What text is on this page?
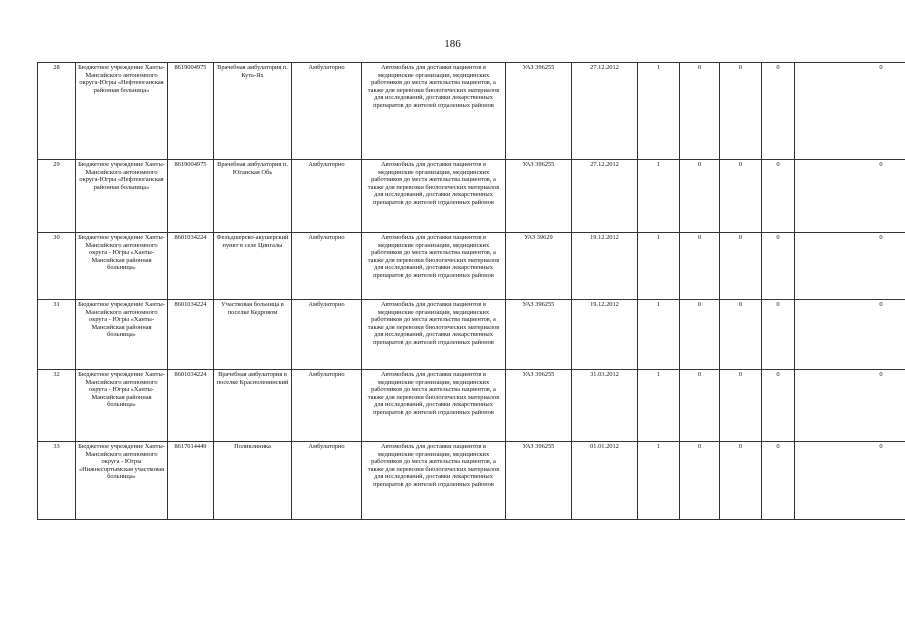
186
28	Бюджетное учреждение Ханты-Мансийского автономного округа-Югры «Нефтеюганская районная больница»	8619004975	Врачебная амбулатория п. Куть-Ях	Амбулаторно	Автомобиль для доставки пациентов в медицинские организации, медицинских работников до места жительства пациентов, а также для перевозки биологических материалов для исследований, доставки лекарственных препаратов до жителей отдаленных районов	УАЗ 396255	27.12.2012	1	0	0	0	0
29	Бюджетное учреждение Ханты-Мансийского автономного округа-Югры «Нефтеюганская районная больница»	8619004975	Врачебная амбулатория п. Юганская Обь	Амбулаторно	Автомобиль для доставки пациентов в медицинские организации, медицинских работников до места жительства пациентов, а также для перевозки биологических материалов для исследований, доставки лекарственных препаратов до жителей отдаленных районов	УАЗ 396255	27.12.2012	1	0	0	0	0
30	Бюджетное учреждение Ханты-Мансийского автономного округа - Югры «Ханты-Мансийская районная больница»	8601034224	Фельдшерско-акушерский пункт в селе Цингалы	Амбулаторно	Автомобиль для доставки пациентов в медицинские организации, медицинских работников до места жительства пациентов, а также для перевозки биологических материалов для исследований, доставки лекарственных препаратов до жителей отдаленных районов	УАЗ 39629	19.12.2012	1	0	0	0	0
31	Бюджетное учреждение Ханты-Мансийского автономного округа - Югры «Ханты-Мансийская районная больница»	8601034224	Участковая больница в поселке Кедровом	Амбулаторно	Автомобиль для доставки пациентов в медицинские организации, медицинских работников до места жительства пациентов, а также для перевозки биологических материалов для исследований, доставки лекарственных препаратов до жителей отдаленных районов	УАЗ 396255	19.12.2012	1	0	0	0	0
32	Бюджетное учреждение Ханты-Мансийского автономного округа - Югры «Ханты-Мансийская районная больница»	8601034224	Врачебная амбулатория в поселке Красноленинский	Амбулаторно	Автомобиль для доставки пациентов в медицинские организации, медицинских работников до места жительства пациентов, а также для перевозки биологических материалов для исследований, доставки лекарственных препаратов до жителей отдаленных районов	УАЗ 396255	31.03.2012	1	0	0	0	0
33	Бюджетное учреждение Ханты-Мансийского автономного округа - Югры «Нижнесортымская участковая больница»	8617014449	Поликлиника	Амбулаторно	Автомобиль для доставки пациентов в медицинские организации, медицинских работников до места жительства пациентов, а также для перевозки биологических материалов для исследований, доставки лекарственных препаратов до жителей отдаленных районов	УАЗ 396255	01.01.2012	1	0	0	0	0
